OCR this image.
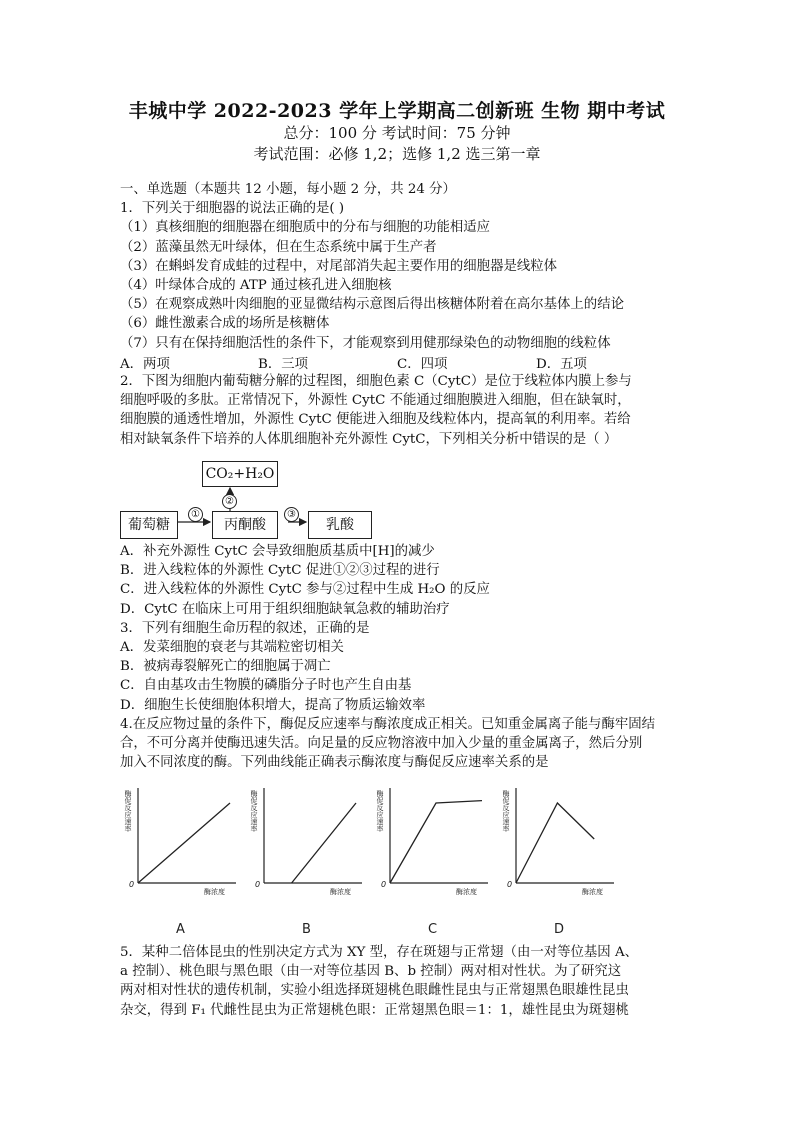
丰城中学 2022-2023 学年上学期高二创新班 生物 期中考试
总分：100 分 考试时间：75 分钟
考试范围：必修 1,2；选修 1,2 选三第一章
一、单选题（本题共 12 小题，每小题 2 分，共 24 分）
1．下列关于细胞器的说法正确的是( )
（1）真核细胞的细胞器在细胞质中的分布与细胞的功能相适应
（2）蓝藻虽然无叶绿体，但在生态系统中属于生产者
（3）在蝌蚪发育成蛙的过程中，对尾部消失起主要作用的细胞器是线粒体
（4）叶绿体合成的 ATP 通过核孔进入细胞核
（5）在观察成熟叶肉细胞的亚显微结构示意图后得出核糖体附着在高尔基体上的结论
（6）雌性激素合成的场所是核糖体
（7）只有在保持细胞活性的条件下，才能观察到用健那绿染色的动物细胞的线粒体
A．两项	B．三项	C．四项	D．五项
2．下图为细胞内葡萄糖分解的过程图，细胞色素 C（CytC）是位于线粒体内膜上参与
细胞呼吸的多肽。正常情况下，外源性 CytC 不能通过细胞膜进入细胞，但在缺氧时，
细胞膜的通透性增加，外源性 CytC 便能进入细胞及线粒体内，提高氧的利用率。若给
相对缺氧条件下培养的人体肌细胞补充外源性 CytC，下列相关分析中错误的是（ ）
CO₂+H₂O
葡萄糖	丙酮酸	乳酸
①
②
③
A．补充外源性 CytC 会导致细胞质基质中[H]的减少
B．进入线粒体的外源性 CytC 促进①②③过程的进行
C．进入线粒体的外源性 CytC 参与②过程中生成 H₂O 的反应
D．CytC 在临床上可用于组织细胞缺氧急救的辅助治疗
3．下列有细胞生命历程的叙述，正确的是
A．发菜细胞的衰老与其端粒密切相关
B．被病毒裂解死亡的细胞属于凋亡
C．自由基攻击生物膜的磷脂分子时也产生自由基
D．细胞生长使细胞体积增大，提高了物质运输效率
4.在反应物过量的条件下，酶促反应速率与酶浓度成正相关。已知重金属离子能与酶牢固结
合，不可分离并使酶迅速失活。向足量的反应物溶液中加入少量的重金属离子，然后分别
加入不同浓度的酶。下列曲线能正确表示酶浓度与酶促反应速率关系的是
酶促反应速率
酶浓度
0
A
酶促反应速率
酶浓度
0
B
酶促反应速率
酶浓度
0
C
酶促反应速率
酶浓度
0
D
5．某种二倍体昆虫的性别决定方式为 XY 型，存在斑翅与正常翅（由一对等位基因 A、
a 控制）、桃色眼与黑色眼（由一对等位基因 B、b 控制）两对相对性状。为了研究这
两对相对性状的遗传机制，实验小组选择斑翅桃色眼雌性昆虫与正常翅黑色眼雄性昆虫
杂交，得到 F₁ 代雌性昆虫为正常翅桃色眼：正常翅黑色眼＝1：1，雄性昆虫为斑翅桃
